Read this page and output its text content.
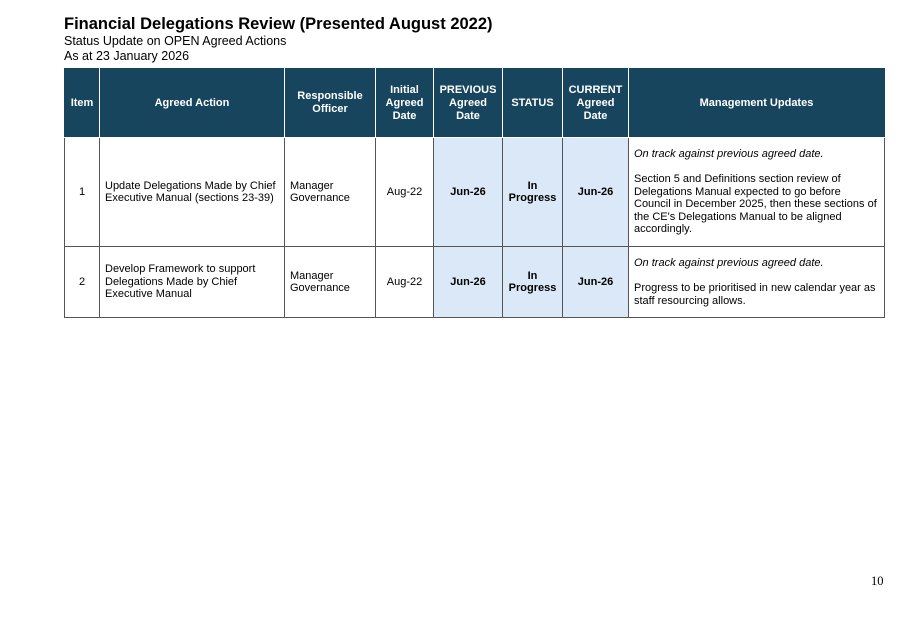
Financial Delegations Review (Presented August 2022)

Status Update on OPEN Agreed Actions

As at 23 January 2026

Item	Agreed Action	Responsible Officer	Initial Agreed Date	PREVIOUS Agreed Date	STATUS	CURRENT Agreed Date	Management Updates
1	Update Delegations Made by Chief Executive Manual (sections 23-39)	Manager Governance	Aug-22	Jun-26	In Progress	Jun-26	On track against previous agreed date.

Section 5 and Definitions section review of Delegations Manual expected to go before Council in December 2025, then these sections of the CE's Delegations Manual to be aligned accordingly.

2	Develop Framework to support Delegations Made by Chief Executive Manual	Manager Governance	Aug-22	Jun-26	In Progress	Jun-26	On track against previous agreed date.

Progress to be prioritised in new calendar year as staff resourcing allows.

10
